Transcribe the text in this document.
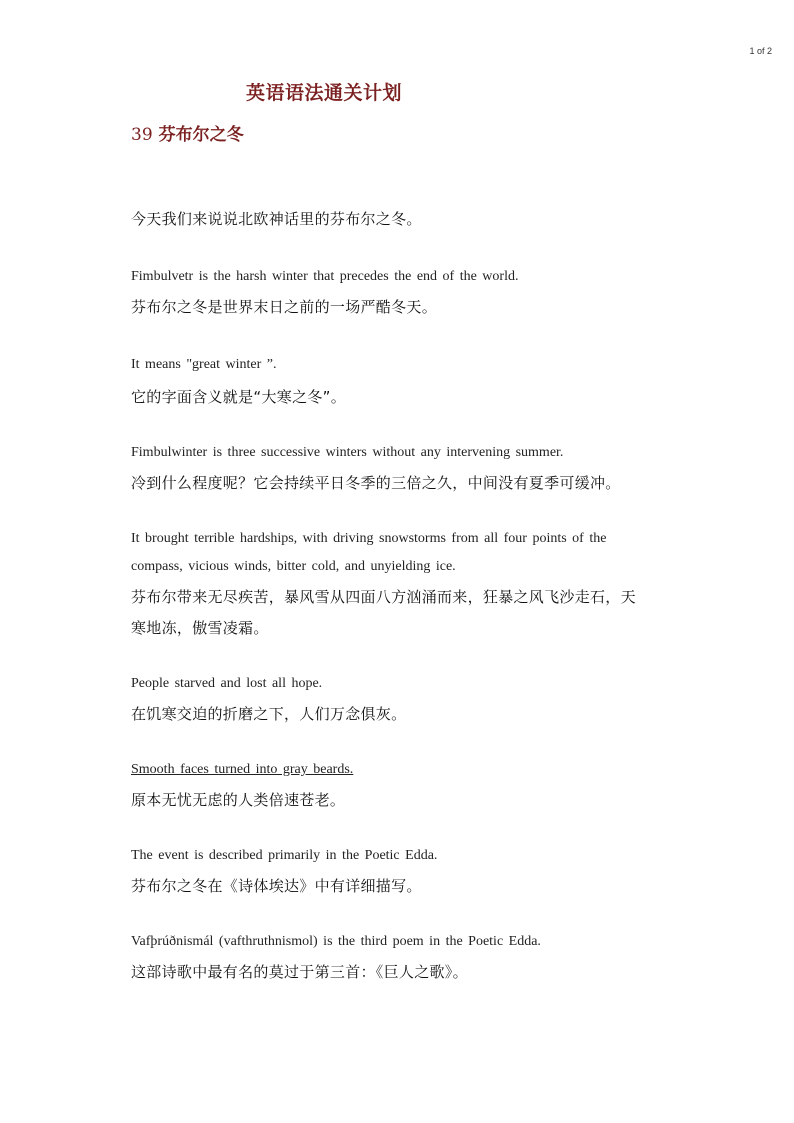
1 of 2
英语语法通关计划
39 芬布尔之冬
今天我们来说说北欧神话里的芬布尔之冬。
Fimbulvetr is the harsh winter that precedes the end of the world.
芬布尔之冬是世界末日之前的一场严酷冬天。
It means "great winter ”.
它的字面含义就是“大寒之冬”。
Fimbulwinter is three successive winters without any intervening summer.
冷到什么程度呢？它会持续平日冬季的三倍之久，中间没有夏季可缓冲。
It brought terrible hardships, with driving snowstorms from all four points of the
compass, vicious winds, bitter cold, and unyielding ice.
芬布尔带来无尽疾苦，暴风雪从四面八方汹涌而来，狂暴之风飞沙走石，天
寒地冻，傲雪凌霜。
People starved and lost all hope.
在饥寒交迫的折磨之下，人们万念俱灰。
Smooth faces turned into gray beards.
原本无忧无虑的人类倍速苍老。
The event is described primarily in the Poetic Edda.
芬布尔之冬在《诗体埃达》中有详细描写。
Vafþrúðnismál (vafthruthnismol) is the third poem in the Poetic Edda.
这部诗歌中最有名的莫过于第三首：《巨人之歌》。
